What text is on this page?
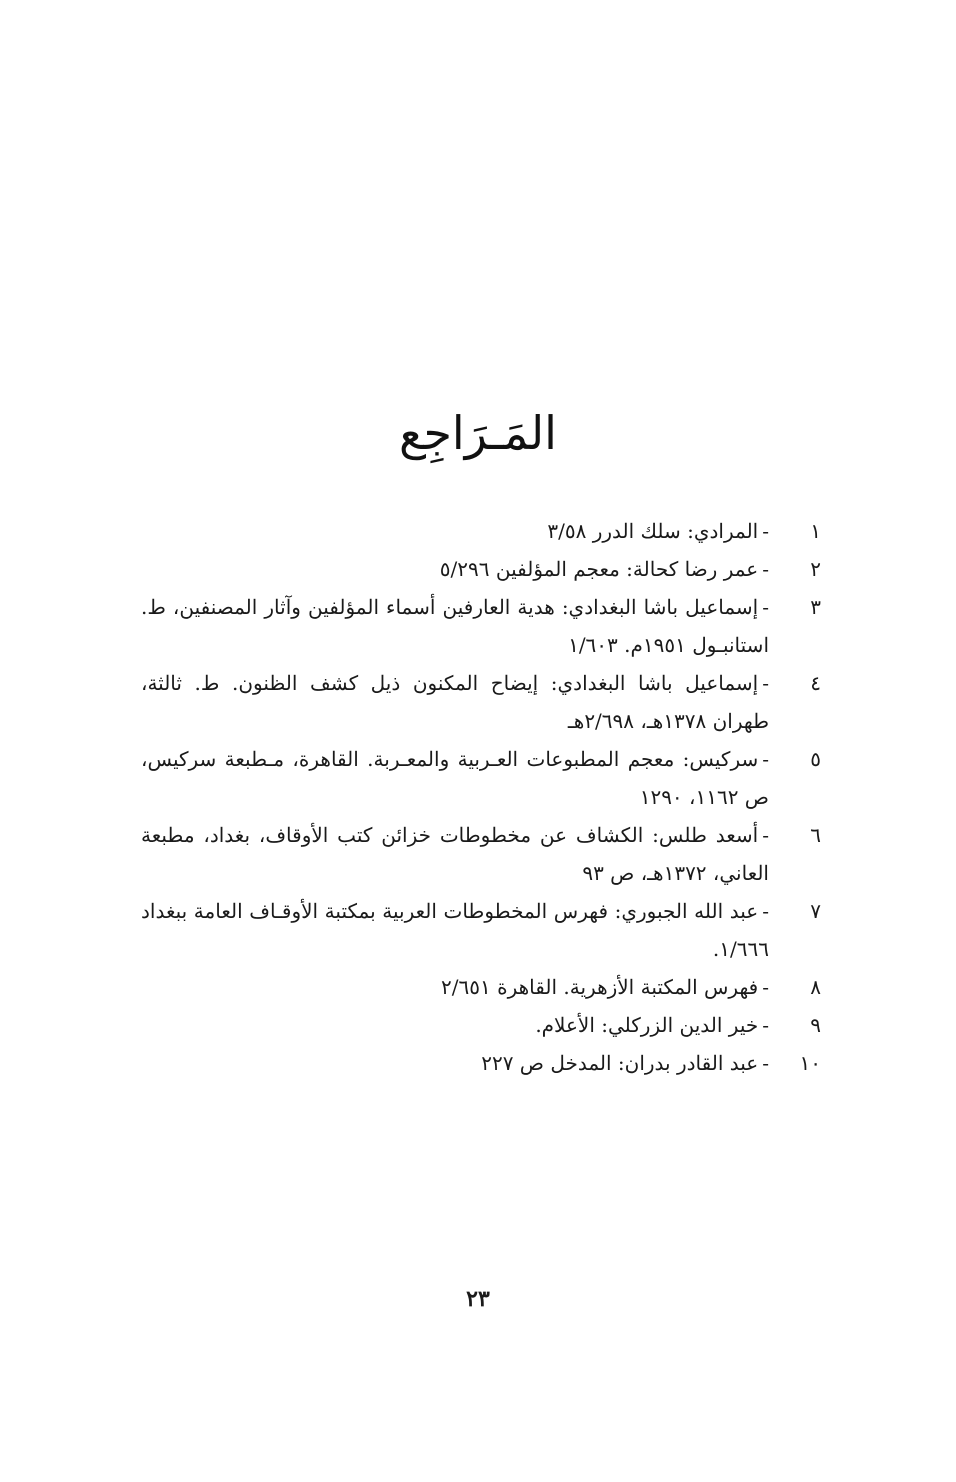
المَـرَاجِع
١
-المرادي: سلك الدرر ٣/٥٨
٢
-عمر رضا كحالة: معجم المؤلفين ٥/٢٩٦
٣
-إسماعيل باشا البغدادي: هدية العارفين أسماء المؤلفين وآثار المصنفين، ط. استانبـول ١٩٥١م. ١/٦٠٣
٤
-إسماعيل باشا البغدادي: إيضاح المكنون ذيل كشف الظنون. ط. ثالثة، طهران ١٣٧٨هـ، ٢/٦٩٨هـ
٥
-سركيس: معجم المطبوعات العـربية والمعـربة. القاهرة، مـطبعة سركيس، ص ١١٦٢، ١٢٩٠
٦
-أسعد طلس: الكشاف عن مخطوطات خزائن كتب الأوقاف، بغداد، مطبعة العاني، ١٣٧٢هـ، ص ٩٣
٧
-عبد الله الجبوري: فهرس المخطوطات العربية بمكتبة الأوقـاف العامة ببغداد ١/٦٦٦.
٨
-فهرس المكتبة الأزهرية. القاهرة ٢/٦٥١
٩
-خير الدين الزركلي: الأعلام.
١٠
-عبد القادر بدران: المدخل ص ٢٢٧
٢٣
